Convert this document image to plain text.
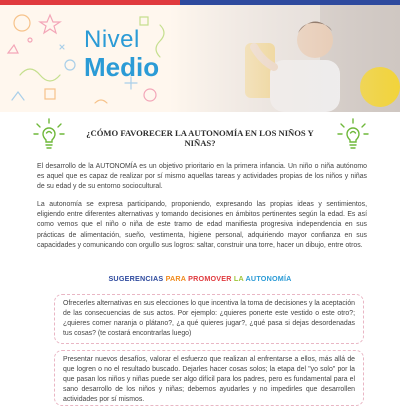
Nivel
Medio
¿CÓMO FAVORECER LA AUTONOMÍA EN LOS NIÑOS Y NIÑAS?

El desarrollo de la AUTONOMÍA es un objetivo prioritario en la primera infancia. Un niño o niña autónomo es aquel que es capaz de realizar por sí mismo aquellas tareas y actividades propias de los niños y niñas de su edad y de su entorno sociocultural.

La autonomía se expresa participando, proponiendo, expresando las propias ideas y sentimientos, eligiendo entre diferentes alternativas y tomando decisiones en ámbitos pertinentes según la edad. Es así como vemos que el niño o niña de este tramo de edad manifiesta progresiva independencia en sus prácticas de alimentación, sueño, vestimenta, higiene personal, adquiriendo mayor confianza en sus capacidades y comunicando con orgullo sus logros: saltar, construir una torre, hacer un dibujo, entre otros.

SUGERENCIAS PARA PROMOVER LA AUTONOMÍA
Ofrecerles alternativas en sus elecciones lo que incentiva la toma de decisiones y la aceptación de las consecuencias de sus actos. Por ejemplo: ¿quieres ponerte este vestido o este otro?; ¿quieres comer naranja o plátano?, ¿a qué quieres jugar?, ¿qué pasa si dejas desordenadas tus cosas? (te costará encontrarlas luego)
Presentar nuevos desafíos, valorar el esfuerzo que realizan al enfrentarse a ellos, más allá de que logren o no el resultado buscado. Dejarles hacer cosas solos; la etapa del "yo solo" por la que pasan los niños y niñas puede ser algo difícil para los padres, pero es fundamental para el sano desarrollo de los niños y niñas; debemos ayudarles y no impedirles que desarrollen actividades por sí mismos.
